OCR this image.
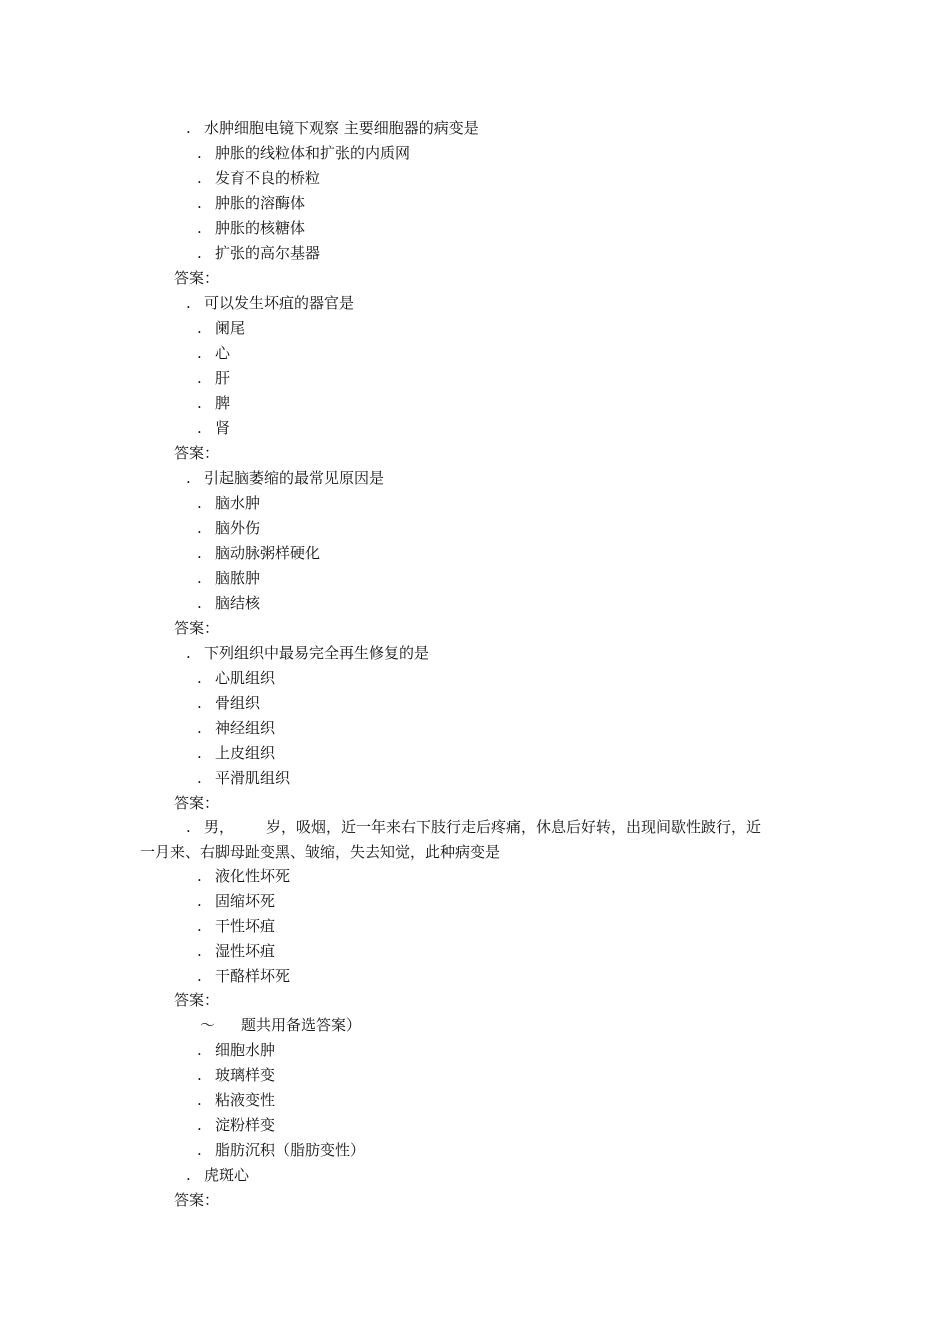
. 水肿细胞电镜下观察 主要细胞器的病变是
. 肿胀的线粒体和扩张的内质网
. 发育不良的桥粒
. 肿胀的溶酶体
. 肿胀的核糖体
. 扩张的高尔基器
答案：
. 可以发生坏疽的器官是
. 阑尾
. 心
. 肝
. 脾
. 肾
答案：
. 引起脑萎缩的最常见原因是
. 脑水肿
. 脑外伤
. 脑动脉粥样硬化
. 脑脓肿
. 脑结核
答案：
. 下列组织中最易完全再生修复的是
. 心肌组织
. 骨组织
. 神经组织
. 上皮组织
. 平滑肌组织
答案：
. 男， 岁，吸烟，近一年来右下肢行走后疼痛，休息后好转，出现间歇性跛行，近
一月来、右脚母趾变黑、皱缩，失去知觉，此种病变是
. 液化性坏死
. 固缩坏死
. 干性坏疽
. 湿性坏疽
. 干酪样坏死
答案：
～ 题共用备选答案）
. 细胞水肿
. 玻璃样变
. 粘液变性
. 淀粉样变
. 脂肪沉积（脂肪变性）
. 虎斑心
答案：
